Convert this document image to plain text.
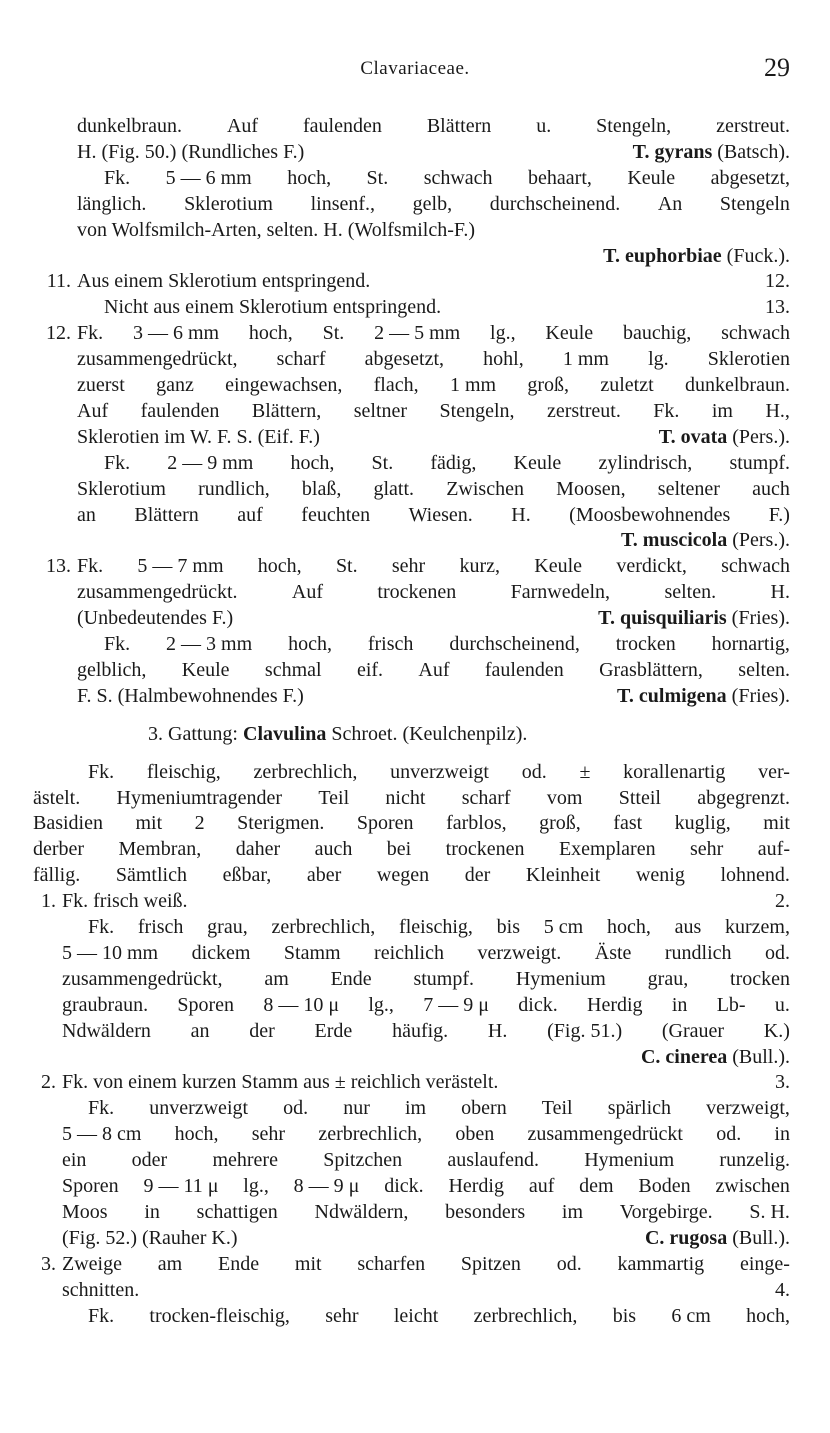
Clavariaceae.	29
dunkelbraun. Auf faulenden Blättern u. Stengeln, zerstreut.
H. (Fig. 50.) (Rundliches F.)	T. gyrans (Batsch).
Fk. 5 — 6 mm hoch, St. schwach behaart, Keule abgesetzt,
länglich. Sklerotium linsenf., gelb, durchscheinend. An Stengeln
von Wolfsmilch-Arten, selten. H. (Wolfsmilch-F.)
T. euphorbiae (Fuck.).
11. Aus einem Sklerotium entspringend.	12.
Nicht aus einem Sklerotium entspringend.	13.
12. Fk. 3 — 6 mm hoch, St. 2 — 5 mm lg., Keule bauchig, schwach
zusammengedrückt, scharf abgesetzt, hohl, 1 mm lg. Sklerotien
zuerst ganz eingewachsen, flach, 1 mm groß, zuletzt dunkelbraun.
Auf faulenden Blättern, seltner Stengeln, zerstreut. Fk. im H.,
Sklerotien im W. F. S. (Eif. F.)	T. ovata (Pers.).
Fk. 2 — 9 mm hoch, St. fädig, Keule zylindrisch, stumpf.
Sklerotium rundlich, blaß, glatt. Zwischen Moosen, seltener auch
an Blättern auf feuchten Wiesen. H. (Moosbewohnendes F.)
T. muscicola (Pers.).
13. Fk. 5 — 7 mm hoch, St. sehr kurz, Keule verdickt, schwach
zusammengedrückt.	Auf	trockenen	Farnwedeln,	selten.	H.
(Unbedeutendes F.)	T. quisquiliaris (Fries).
Fk. 2 — 3 mm hoch, frisch durchscheinend, trocken hornartig,
gelblich, Keule schmal eif. Auf faulenden Grasblättern, selten.
F. S. (Halmbewohnendes F.)	T. culmigena (Fries).
3. Gattung: Clavulina Schroet. (Keulchenpilz).
Fk. fleischig, zerbrechlich, unverzweigt od. ± korallenartig ver-
ästelt. Hymeniumtragender Teil nicht scharf vom Stteil abgegrenzt.
Basidien mit 2 Sterigmen. Sporen farblos, groß, fast kuglig, mit
derber Membran, daher auch bei trockenen Exemplaren sehr auf-
fällig. Sämtlich eßbar, aber wegen der Kleinheit wenig lohnend.
1. Fk. frisch weiß.	2.
Fk. frisch grau, zerbrechlich, fleischig, bis 5 cm hoch, aus kurzem,
5 — 10 mm dickem Stamm reichlich verzweigt. Äste rundlich od.
zusammengedrückt, am Ende stumpf. Hymenium grau, trocken
graubraun. Sporen 8 — 10 μ lg., 7 — 9 μ dick. Herdig in Lb- u.
Ndwäldern an der Erde häufig. H. (Fig. 51.) (Grauer K.)
C. cinerea (Bull.).
2. Fk. von einem kurzen Stamm aus ± reichlich verästelt.	3.
Fk. unverzweigt od. nur im obern Teil spärlich verzweigt,
5 — 8 cm hoch, sehr zerbrechlich, oben zusammengedrückt od. in
ein oder mehrere Spitzchen auslaufend. Hymenium runzelig.
Sporen 9 — 11 μ lg., 8 — 9 μ dick. Herdig auf dem Boden zwischen
Moos in schattigen Ndwäldern, besonders im Vorgebirge. S. H.
(Fig. 52.) (Rauher K.)	C. rugosa (Bull.).
3. Zweige am Ende mit scharfen Spitzen od. kammartig einge-
schnitten.	4.
Fk. trocken-fleischig, sehr leicht zerbrechlich, bis 6 cm hoch,
